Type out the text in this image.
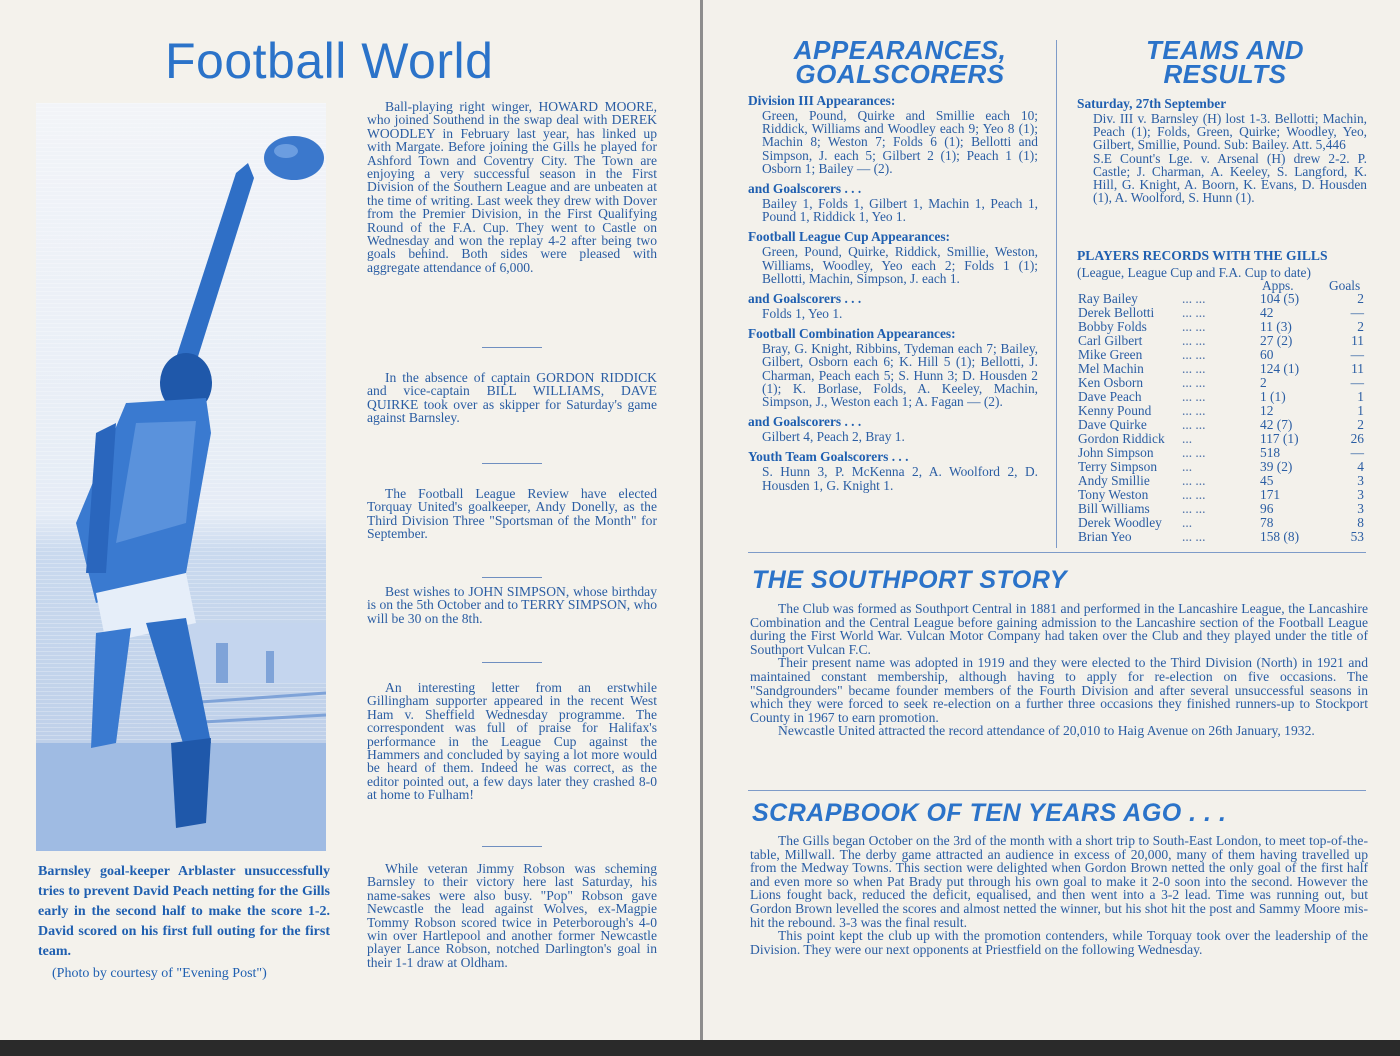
Football World
Barnsley goal-keeper Arblaster unsuccessfully tries to prevent David Peach netting for the Gills early in the second half to make the score 1-2. David scored on his first full outing for the first team.
(Photo by courtesy of "Evening Post")

Ball-playing right winger, HOWARD MOORE, who joined Southend in the swap deal with DEREK WOODLEY in February last year, has linked up with Margate. Before joining the Gills he played for Ashford Town and Coventry City. The Town are enjoying a very successful season in the First Division of the Southern League and are unbeaten at the time of writing. Last week they drew with Dover from the Premier Division, in the First Qualifying Round of the F.A. Cup. They went to Castle on Wednesday and won the replay 4-2 after being two goals behind. Both sides were pleased with aggregate attendance of 6,000.

In the absence of captain GORDON RIDDICK and vice-captain BILL WILLIAMS, DAVE QUIRKE took over as skipper for Saturday's game against Barnsley.

The Football League Review have elected Torquay United's goalkeeper, Andy Donelly, as the Third Division Three "Sportsman of the Month" for September.

Best wishes to JOHN SIMPSON, whose birthday is on the 5th October and to TERRY SIMPSON, who will be 30 on the 8th.

An interesting letter from an erstwhile Gillingham supporter appeared in the recent West Ham v. Sheffield Wednesday programme. The correspondent was full of praise for Halifax's performance in the League Cup against the Hammers and concluded by saying a lot more would be heard of them. Indeed he was correct, as the editor pointed out, a few days later they crashed 8-0 at home to Fulham!

While veteran Jimmy Robson was scheming Barnsley to their victory here last Saturday, his name-sakes were also busy. "Pop" Robson gave Newcastle the lead against Wolves, ex-Magpie Tommy Robson scored twice in Peterborough's 4-0 win over Hartlepool and another former Newcastle player Lance Robson, notched Darlington's goal in their 1-1 draw at Oldham.

APPEARANCES,
GOALSCORERS

Division III Appearances:

Green, Pound, Quirke and Smillie each 10; Riddick, Williams and Woodley each 9; Yeo 8 (1); Machin 8; Weston 7; Folds 6 (1); Bellotti and Simpson, J. each 5; Gilbert 2 (1); Peach 1 (1); Osborn 1; Bailey — (2).

and Goalscorers . . .

Bailey 1, Folds 1, Gilbert 1, Machin 1, Peach 1, Pound 1, Riddick 1, Yeo 1.

Football League Cup Appearances:

Green, Pound, Quirke, Riddick, Smillie, Weston, Williams, Woodley, Yeo each 2; Folds 1 (1); Bellotti, Machin, Simpson, J. each 1.

and Goalscorers . . .

Folds 1, Yeo 1.

Football Combination Appearances:

Bray, G. Knight, Ribbins, Tydeman each 7; Bailey, Gilbert, Osborn each 6; K. Hill 5 (1); Bellotti, J. Charman, Peach each 5; S. Hunn 3; D. Housden 2 (1); K. Borlase, Folds, A. Keeley, Machin, Simpson, J., Weston each 1; A. Fagan — (2).

and Goalscorers . . .

Gilbert 4, Peach 2, Bray 1.

Youth Team Goalscorers . . .

S. Hunn 3, P. McKenna 2, A. Woolford 2, D. Housden 1, G. Knight 1.

TEAMS AND
RESULTS

Saturday, 27th September

Div. III v. Barnsley (H) lost 1-3. Bellotti; Machin, Peach (1); Folds, Green, Quirke; Woodley, Yeo, Gilbert, Smillie, Pound. Sub: Bailey. Att. 5,446

S.E Count's Lge. v. Arsenal (H) drew 2-2. P. Castle; J. Charman, A. Keeley, S. Langford, K. Hill, G. Knight, A. Boorn, K. Evans, D. Housden (1), A. Woolford, S. Hunn (1).

PLAYERS RECORDS WITH THE GILLS

(League, League Cup and F.A. Cup to date)

Apps.	Goals
Ray Bailey	... ...	104 (5)	2
Derek Bellotti	... ...	42	—
Bobby Folds	... ...	11 (3)	2
Carl Gilbert	... ...	27 (2)	11
Mike Green	... ...	60	—
Mel Machin	... ...	124 (1)	11
Ken Osborn	... ...	2	—
Dave Peach	... ...	1 (1)	1
Kenny Pound	... ...	12	1
Dave Quirke	... ...	42 (7)	2
Gordon Riddick	...	117 (1)	26
John Simpson	... ...	518	—
Terry Simpson	...	39 (2)	4
Andy Smillie	... ...	45	3
Tony Weston	... ...	171	3
Bill Williams	... ...	96	3
Derek Woodley	...	78	8
Brian Yeo	... ...	158 (8)	53
THE SOUTHPORT STORY

The Club was formed as Southport Central in 1881 and performed in the Lancashire League, the Lancashire Combination and the Central League before gaining admission to the Lancashire section of the Football League during the First World War. Vulcan Motor Company had taken over the Club and they played under the title of Southport Vulcan F.C.

Their present name was adopted in 1919 and they were elected to the Third Division (North) in 1921 and maintained constant membership, although having to apply for re-election on five occasions. The "Sandgrounders" became founder members of the Fourth Division and after several unsuccessful seasons in which they were forced to seek re-election on a further three occasions they finished runners-up to Stockport County in 1967 to earn promotion.

Newcastle United attracted the record attendance of 20,010 to Haig Avenue on 26th January, 1932.

SCRAPBOOK OF TEN YEARS AGO . . .

The Gills began October on the 3rd of the month with a short trip to South-East London, to meet top-of-the-table, Millwall. The derby game attracted an audience in excess of 20,000, many of them having travelled up from the Medway Towns. This section were delighted when Gordon Brown netted the only goal of the first half and even more so when Pat Brady put through his own goal to make it 2-0 soon into the second. However the Lions fought back, reduced the deficit, equalised, and then went into a 3-2 lead. Time was running out, but Gordon Brown levelled the scores and almost netted the winner, but his shot hit the post and Sammy Moore mis-hit the rebound. 3-3 was the final result.

This point kept the club up with the promotion contenders, while Torquay took over the leadership of the Division. They were our next opponents at Priestfield on the following Wednesday.
